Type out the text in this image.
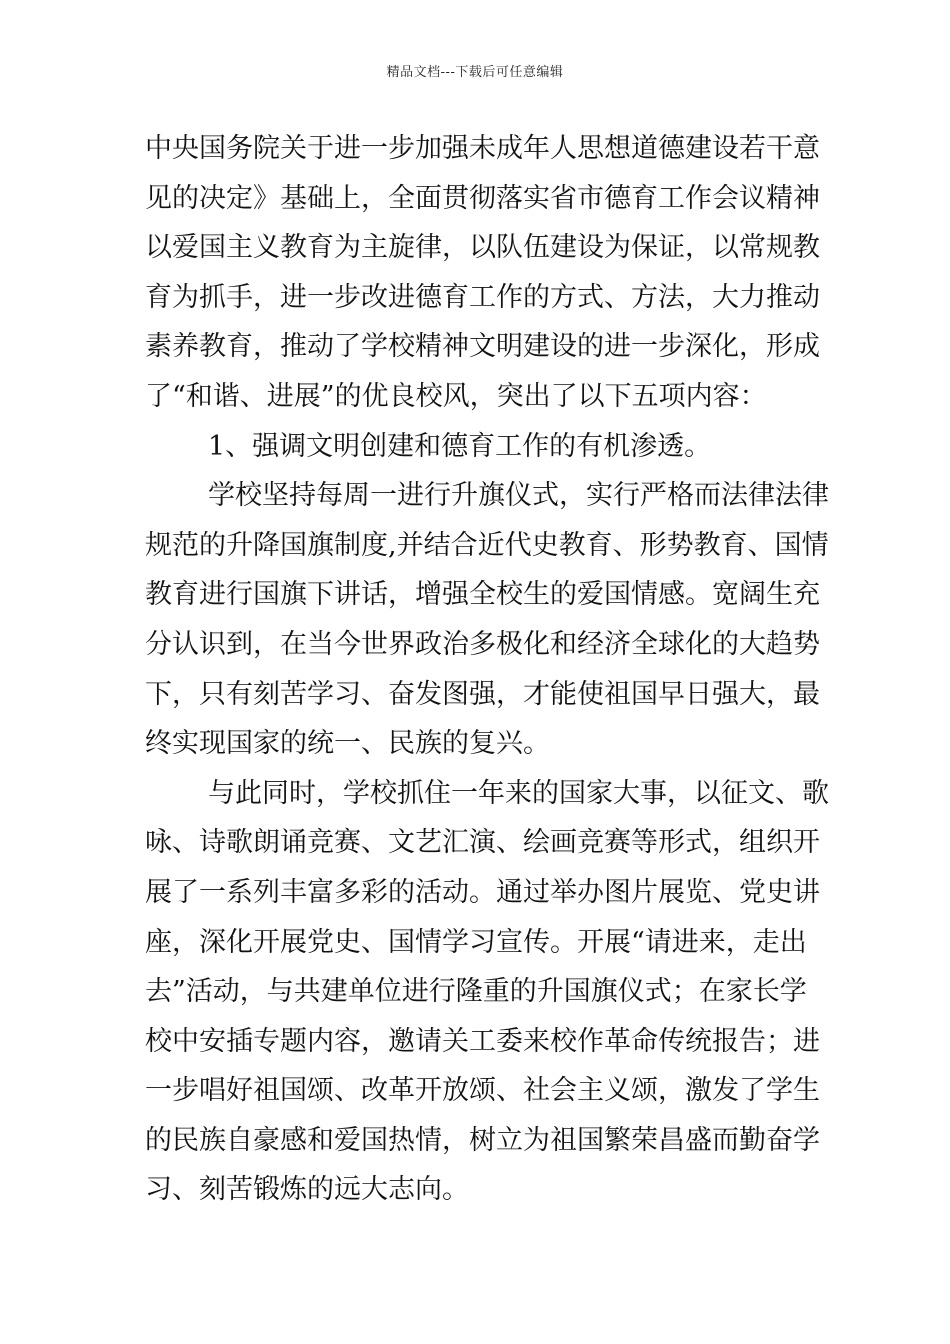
精品文档---下载后可任意编辑
中央国务院关于进一步加强未成年人思想道德建设若干意
见的决定》基础上，全面贯彻落实省市德育工作会议精神
以爱国主义教育为主旋律，以队伍建设为保证，以常规教
育为抓手，进一步改进德育工作的方式、方法，大力推动
素养教育，推动了学校精神文明建设的进一步深化，形成
了“和谐、进展”的优良校风，突出了以下五项内容：
1、强调文明创建和德育工作的有机渗透。
学校坚持每周一进行升旗仪式，实行严格而法律法律
规范的升降国旗制度,并结合近代史教育、形势教育、国情
教育进行国旗下讲话，增强全校生的爱国情感。宽阔生充
分认识到，在当今世界政治多极化和经济全球化的大趋势
下，只有刻苦学习、奋发图强，才能使祖国早日强大，最
终实现国家的统一、民族的复兴。
与此同时，学校抓住一年来的国家大事，以征文、歌
咏、诗歌朗诵竞赛、文艺汇演、绘画竞赛等形式，组织开
展了一系列丰富多彩的活动。通过举办图片展览、党史讲
座，深化开展党史、国情学习宣传。开展“请进来，走出
去”活动，与共建单位进行隆重的升国旗仪式；在家长学
校中安插专题内容，邀请关工委来校作革命传统报告；进
一步唱好祖国颂、改革开放颂、社会主义颂，激发了学生
的民族自豪感和爱国热情，树立为祖国繁荣昌盛而勤奋学
习、刻苦锻炼的远大志向。
